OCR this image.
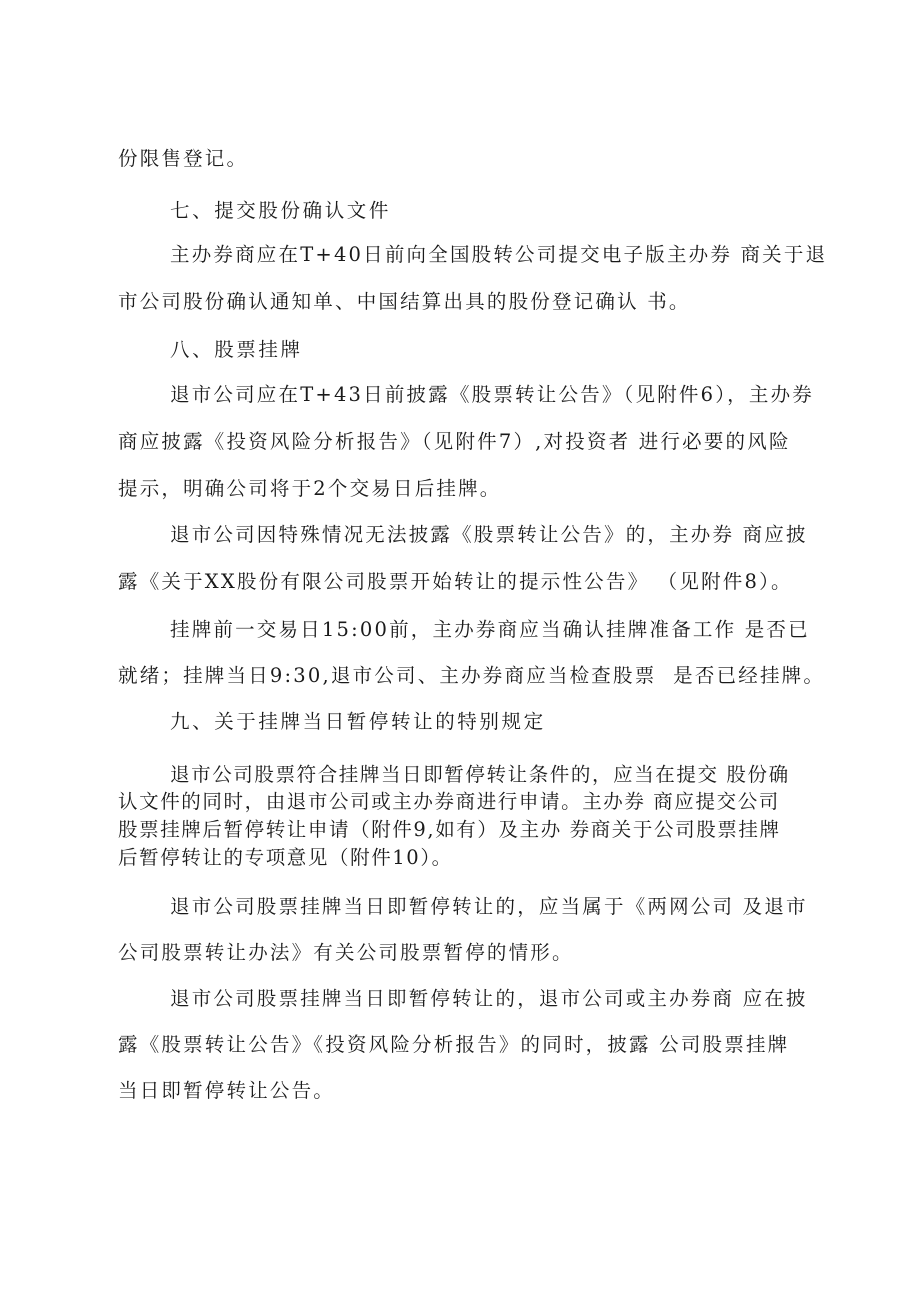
份限售登记。
七、提交股份确认文件
主办券商应在T+40日前向全国股转公司提交电子版主办券 商关于退
市公司股份确认通知单、中国结算出具的股份登记确认 书。
八、股票挂牌
退市公司应在T+43日前披露《股票转让公告》（见附件6），主办券
商应披露《投资风险分析报告》（见附件7）,对投资者 进行必要的风险
提示，明确公司将于2个交易日后挂牌。
退市公司因特殊情况无法披露《股票转让公告》的，主办券 商应披
露《关于XX股份有限公司股票开始转让的提示性公告》 （见附件8）。
挂牌前一交易日15:00前，主办券商应当确认挂牌准备工作 是否已
就绪；挂牌当日9:30,退市公司、主办券商应当检查股票  是否已经挂牌。
九、关于挂牌当日暂停转让的特别规定
退市公司股票符合挂牌当日即暂停转让条件的，应当在提交 股份确
认文件的同时，由退市公司或主办券商进行申请。主办券 商应提交公司
股票挂牌后暂停转让申请（附件9,如有）及主办 券商关于公司股票挂牌
后暂停转让的专项意见（附件10）。
退市公司股票挂牌当日即暂停转让的，应当属于《两网公司 及退市
公司股票转让办法》有关公司股票暂停的情形。
退市公司股票挂牌当日即暂停转让的，退市公司或主办券商 应在披
露《股票转让公告》《投资风险分析报告》的同时，披露 公司股票挂牌
当日即暂停转让公告。
